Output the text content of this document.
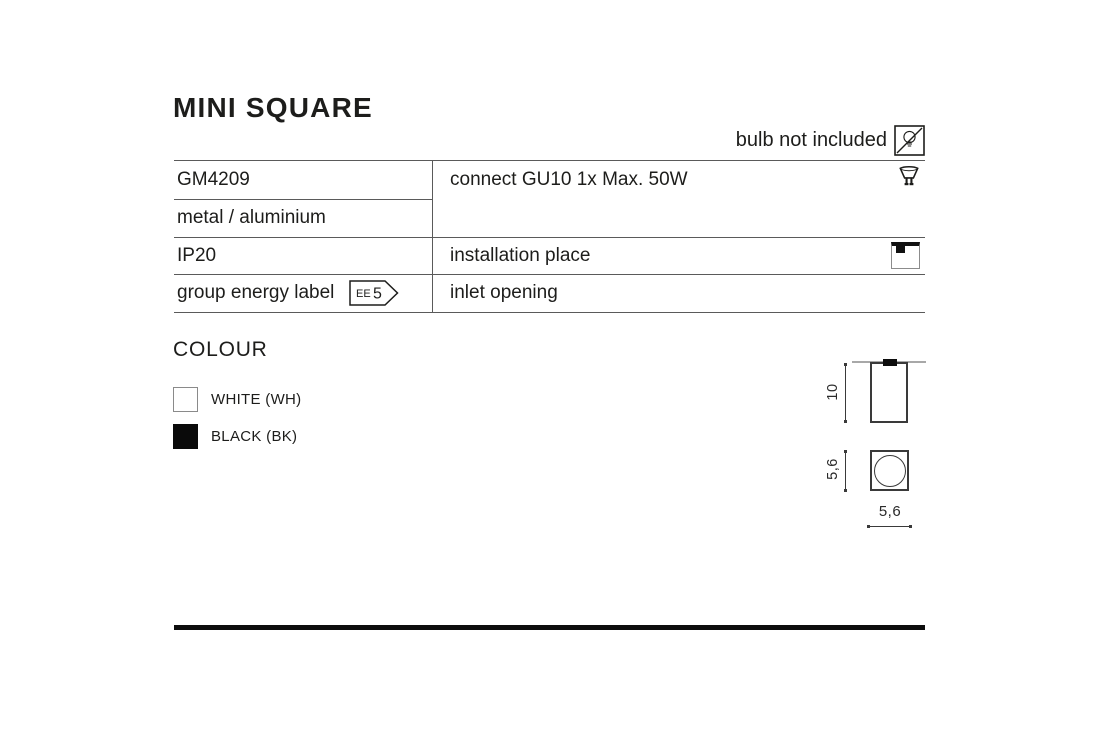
MINI SQUARE
bulb not included
GM4209
metal / aluminium
IP20
group energy label EE 5
connect GU10 1x Max. 50W
installation place
inlet opening
COLOUR
WHITE (WH)
BLACK (BK)
10
5,6
5,6
